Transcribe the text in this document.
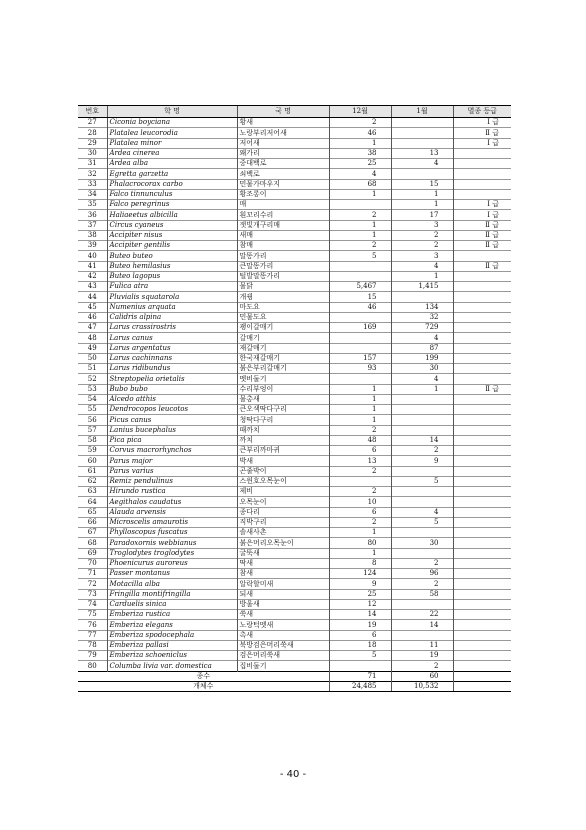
번호	학 명	국 명	12월	1월	멸종 등급
27	Ciconia boyciana	황새	2		Ⅰ 급
28	Platalea leucorodia	노랑부리저어새	46		Ⅱ 급
29	Platalea minor	저어새	1		Ⅰ 급
30	Ardea cinerea	왜가리	38	13	
31	Ardea alba	중대백로	25	4	
32	Egretta garzetta	쇠백로	4		
33	Phalacrocorax carbo	민물가마우지	68	15	
34	Falco tinnunculus	황조롱이	1	1	
35	Falco peregrinus	매		1	Ⅰ 급
36	Haliaeetus albicilla	흰꼬리수리	2	17	Ⅰ 급
37	Circus cyaneus	잿빛개구리매	1	3	Ⅱ 급
38	Accipiter nisus	새매	1	2	Ⅱ 급
39	Accipiter gentilis	참매	2	2	Ⅱ 급
40	Buteo buteo	말똥가리	5	3	
41	Buteo hemilasius	큰말똥가리		4	Ⅱ 급
42	Buteo lagopus	털발말똥가리		1	
43	Fulica atra	물닭	5,467	1,415	
44	Pluvialis squatarola	개꿩	15		
45	Numenius arquata	마도요	46	134	
46	Calidris alpina	민물도요		32	
47	Larus crassirostris	괭이갈매기	169	729	
48	Larus canus	갈매기		4	
49	Larus argentatus	재갈매기		87	
50	Larus cachinnans	한국재갈매기	157	199	
51	Larus ridibundus	붉은부리갈매기	93	30	
52	Streptopelia orietalis	멧비둘기		4	
53	Bubo bubo	수리부엉이	1	1	Ⅱ 급
54	Alcedo atthis	물총새	1		
55	Dendrocopos leucotos	큰오색딱다구리	1		
56	Picus canus	청딱다구리	1		
57	Lanius bucephalus	때까치	2		
58	Pica pica	까치	48	14	
59	Corvus macrorhynchos	큰부리까마귀	6	2	
60	Parus major	박새	13	9	
61	Parus varius	곤줄박이	2		
62	Remiz pendulinus	스윈호오목눈이		5	
63	Hirundo rustica	제비	2		
64	Aegithalos caudatus	오목눈이	10		
65	Alauda arvensis	종다리	6	4	
66	Microscelis amaurotis	직박구리	2	5	
67	Phylloscopus fuscatus	솔새사촌	1		
68	Paradoxornis webbianus	붉은머리오목눈이	80	30	
69	Troglodytes troglodytes	굴뚝새	1		
70	Phoenicurus auroreus	딱새	8	2	
71	Passer montanus	참새	124	96	
72	Motacilla alba	알락할미새	9	2	
73	Fringilla montifringilla	되새	25	58	
74	Carduelis sinica	방울새	12		
75	Emberiza rustica	쑥새	14	22	
76	Emberiza elegans	노랑턱멧새	19	14	
77	Emberiza spodocephala	촉새	6		
78	Emberiza pallasi	북방검은머리쑥새	18	11	
79	Emberiza schoeniclus	검은머리쑥새	5	19	
80	Columba livia var. domestica	집비둘기		2	
종수			71	60	
개체수			24,485	10,532	
- 40 -
